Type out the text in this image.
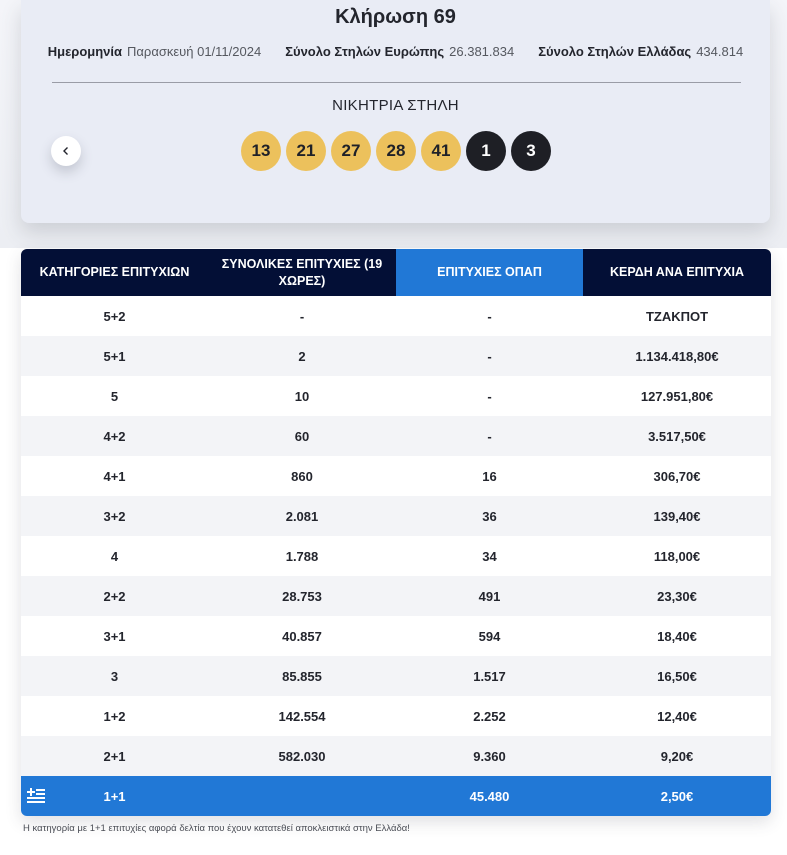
Κλήρωση 69
Ημερομηνία Παρασκευή 01/11/2024 Σύνολο Στηλών Ευρώπης 26.381.834 Σύνολο Στηλών Ελλάδας 434.814
ΝΙΚΗΤΡΙΑ ΣΤΗΛΗ
13	21	27	28	41	1	3
ΚΑΤΗΓΟΡΙΕΣ ΕΠΙΤΥΧΙΩΝ	ΣΥΝΟΛΙΚΕΣ ΕΠΙΤΥΧΙΕΣ (19 ΧΩΡΕΣ)	ΕΠΙΤΥΧΙΕΣ ΟΠΑΠ	ΚΕΡΔΗ ΑΝΑ ΕΠΙΤΥΧΙΑ
5+2	-	-	ΤΖΑΚΠΟΤ
5+1	2	-	1.134.418,80€
5	10	-	127.951,80€
4+2	60	-	3.517,50€
4+1	860	16	306,70€
3+2	2.081	36	139,40€
4	1.788	34	118,00€
2+2	28.753	491	23,30€
3+1	40.857	594	18,40€
3	85.855	1.517	16,50€
1+2	142.554	2.252	12,40€
2+1	582.030	9.360	9,20€

1+1		45.480	2,50€
Η κατηγορία με 1+1 επιτυχίες αφορά δελτία που έχουν κατατεθεί αποκλειστικά στην Ελλάδα!
